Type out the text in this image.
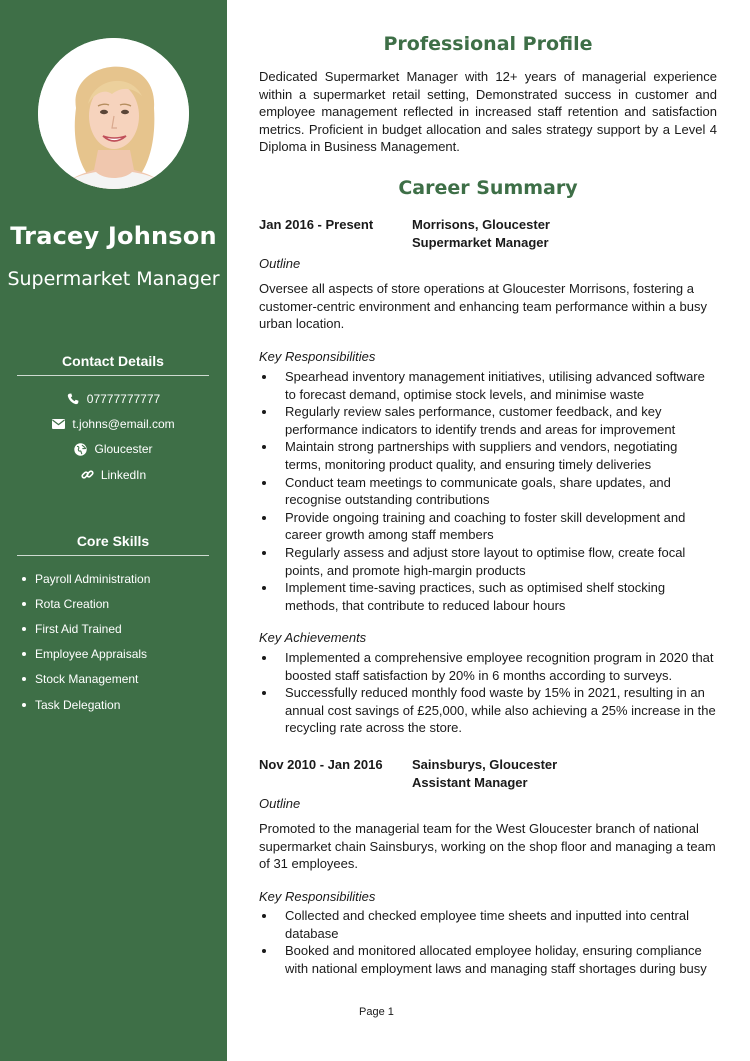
Tracey Johnson
Supermarket Manager
Contact Details
07777777777
t.johns@email.com
Gloucester
LinkedIn
Core Skills
Payroll Administration
Rota Creation
First Aid Trained
Employee Appraisals
Stock Management
Task Delegation
Professional Profile
Dedicated Supermarket Manager with 12+ years of managerial experience within a supermarket retail setting, Demonstrated success in customer and employee management reflected in increased staff retention and satisfaction metrics. Proficient in budget allocation and sales strategy support by a Level 4 Diploma in Business Management.
Career Summary
Jan 2016 - Present	Morrisons, Gloucester
Supermarket Manager
Outline
Oversee all aspects of store operations at Gloucester Morrisons, fostering a customer-centric environment and enhancing team performance within a busy urban location.
Key Responsibilities
Spearhead inventory management initiatives, utilising advanced software to forecast demand, optimise stock levels, and minimise waste
Regularly review sales performance, customer feedback, and key performance indicators to identify trends and areas for improvement
Maintain strong partnerships with suppliers and vendors, negotiating terms, monitoring product quality, and ensuring timely deliveries
Conduct team meetings to communicate goals, share updates, and recognise outstanding contributions
Provide ongoing training and coaching to foster skill development and career growth among staff members
Regularly assess and adjust store layout to optimise flow, create focal points, and promote high-margin products
Implement time-saving practices, such as optimised shelf stocking methods, that contribute to reduced labour hours
Key Achievements
Implemented a comprehensive employee recognition program in 2020 that boosted staff satisfaction by 20% in 6 months according to surveys.
Successfully reduced monthly food waste by 15% in 2021, resulting in an annual cost savings of £25,000, while also achieving a 25% increase in the recycling rate across the store.
Nov 2010 - Jan 2016 Sainsburys, Gloucester
Assistant Manager
Outline
Promoted to the managerial team for the West Gloucester branch of national supermarket chain Sainsburys, working on the shop floor and managing a team of 31 employees.
Key Responsibilities
Collected and checked employee time sheets and inputted into central database
Booked and monitored allocated employee holiday, ensuring compliance with national employment laws and managing staff shortages during busy
Page 1
